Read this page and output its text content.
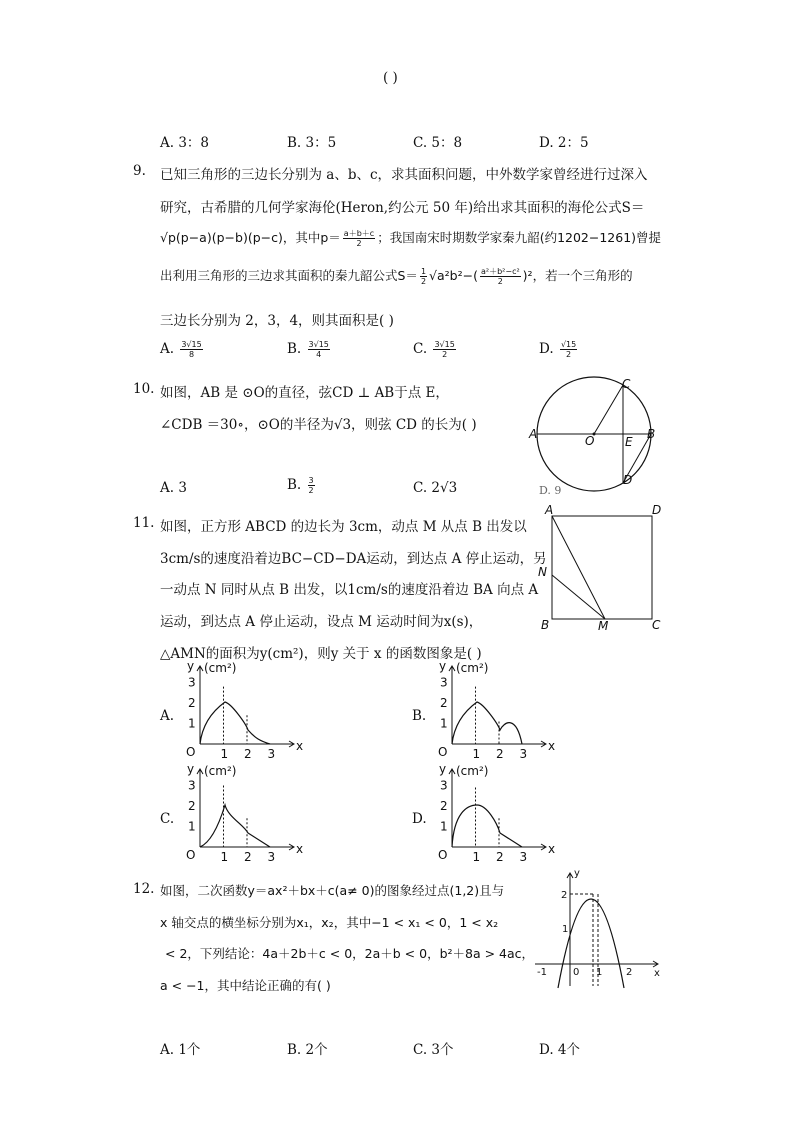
( )
A. 3：8	B. 3：5	C. 5：8	D. 2：5
9. 已知三角形的三边长分别为 a、b、c，求其面积问题，中外数学家曾经进行过深入
研究，古希腊的几何学家海伦(Heron,约公元 50 年)给出求其面积的海伦公式S＝
√p(p−a)(p−b)(p−c)，其中$p= \frac{a+b+c}{2}$ ；我国南宋时期数学家秦九韶(约1202−1261)曾提
出利用三角形的三边求其面积的秦九韶公式$S= \frac{1}{2} √a^2b^2-( \frac{\text{a²＋b²−c²}}{2} )^2$，若一个三角形的
三边长分别为 2，3，4，则其面积是( )
A. $\frac{3√15}{8}$	B. $\frac{3√15}{4}$	C. $\frac{3√15}{2}$	D. $\frac{√15}{2}$
10. 如图，AB 是 ⊙O的直径，弦CD ⊥ AB于点 E，
∠CDB ＝30∘，⊙O的半径为√3，则弦 CD 的长为( )
A. 3	B. $\frac{3}{2}$	C. 2√3
C
A	O	E
B
D
D. 9
11. 如图，正方形 ABCD 的边长为 3cm，动点 M 从点 B 出发以
3cm/s的速度沿着边BC−CD−DA运动，到达点 A 停止运动，另
一动点 N 同时从点 B 出发，以1cm/s的速度沿着边 BA 向点 A
运动，到达点 A 停止运动，设点 M 运动时间为x(s)，
△AMN的面积为y(cm²)，则y 关于 x 的函数图象是( )
A	D
N
B	M	C
A.
y (cm²)
O	x
3
2
1
1 2 3
B.
y (cm²)
O	x
3
2
1
1 2 3
C.
y (cm²)
O	x
3
2
1
1 2 3
D.
y (cm²)
O	x
3
2
1
1 2 3
12. 如图，二次函数y＝ax²＋bx＋c(a≠ 0)的图象经过点(1,2)且与
x 轴交点的横坐标分别为x₁，x₂，其中−1 < x₁ < 0，1 < x₂
< 2，下列结论：4a＋2b＋c < 0，2a＋b < 0，b²＋8a > 4ac，
a < −1，其中结论正确的有( )
y
x
2
1
-1	0 1 2
A. 1个	B. 2个	C. 3个	D. 4个
